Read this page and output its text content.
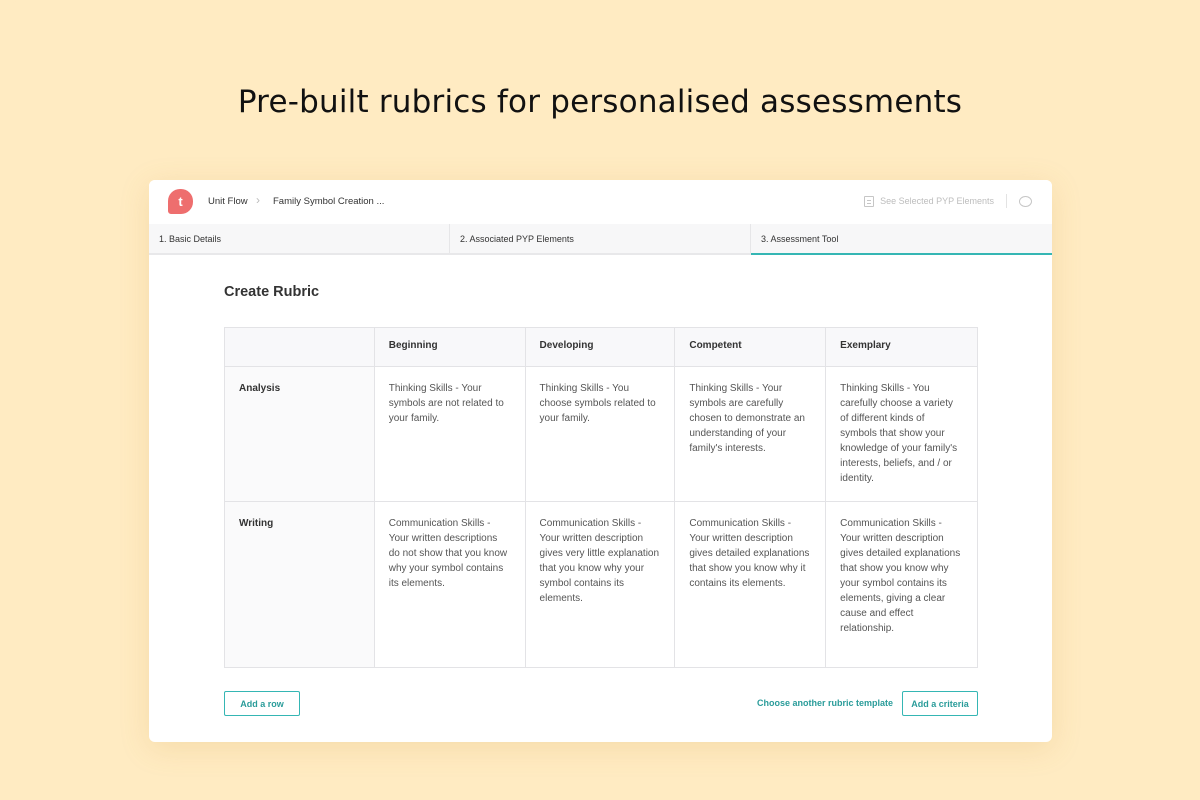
Pre-built rubrics for personalised assessments
t	Unit Flow › Family Symbol Creation ...	See Selected PYP Elements
1. Basic Details	2. Associated PYP Elements	3. Assessment Tool
Create Rubric
	Beginning	Developing	Competent	Exemplary
Analysis	Thinking Skills - Your symbols are not related to your family.	Thinking Skills - You choose symbols related to your family.	Thinking Skills - Your symbols are carefully chosen to demonstrate an understanding of your family's interests.	Thinking Skills - You carefully choose a variety of different kinds of symbols that show your knowledge of your family's interests, beliefs, and / or identity.
Writing	Communication Skills - Your written descriptions do not show that you know why your symbol contains its elements.	Communication Skills - Your written description gives very little explanation that you know why your symbol contains its elements.	Communication Skills - Your written description gives detailed explanations that show you know why it contains its elements.	Communication Skills - Your written description gives detailed explanations that show you know why your symbol contains its elements, giving a clear cause and effect relationship.
Add a row	Choose another rubric template	Add a criteria
